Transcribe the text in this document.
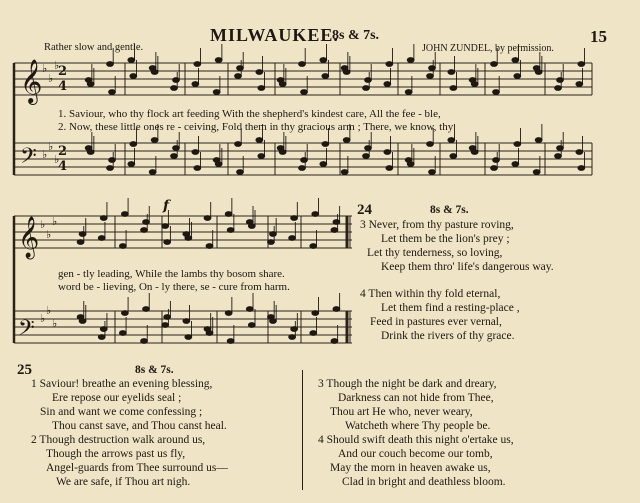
MILWAUKEE.
8s & 7s.	15
Rather slow and gentle.	JOHN ZUNDEL, by permission.
𝄞
𝄢
𝄞
𝄢
2
4
2
4
♭
♭
♭
♭
♭
♭
♭
♭
♭
♭
♭
♭
f
1. Saviour, who thy flock art feeding With the shepherd's kindest care, All the fee - ble,
2. Now, these little ones re - ceiving, Fold them in thy gracious arm ; There, we know, thy
gen - tly leading, While the lambs thy bosom share.
word be - lieving, On - ly there, se - cure from harm.
24	8s & 7s.
3 Never, from thy pasture roving,
Let them be the lion's prey ;
Let thy tenderness, so loving,
Keep them thro' life's dangerous way.
4 Then within thy fold eternal,
Let them find a resting-place ,
Feed in pastures ever vernal,
Drink the rivers of thy grace.
25	8s & 7s.
1 Saviour! breathe an evening blessing,
Ere repose our eyelids seal ;
Sin and want we come confessing ;
Thou canst save, and Thou canst heal.
2 Though destruction walk around us,
Though the arrows past us fly,
Angel-guards from Thee surround us—
We are safe, if Thou art nigh.
3 Though the night be dark and dreary,
Darkness can not hide from Thee,
Thou art He who, never weary,
Watcheth where Thy people be.
4 Should swift death this night o'ertake us,
And our couch become our tomb,
May the morn in heaven awake us,
Clad in bright and deathless bloom.
